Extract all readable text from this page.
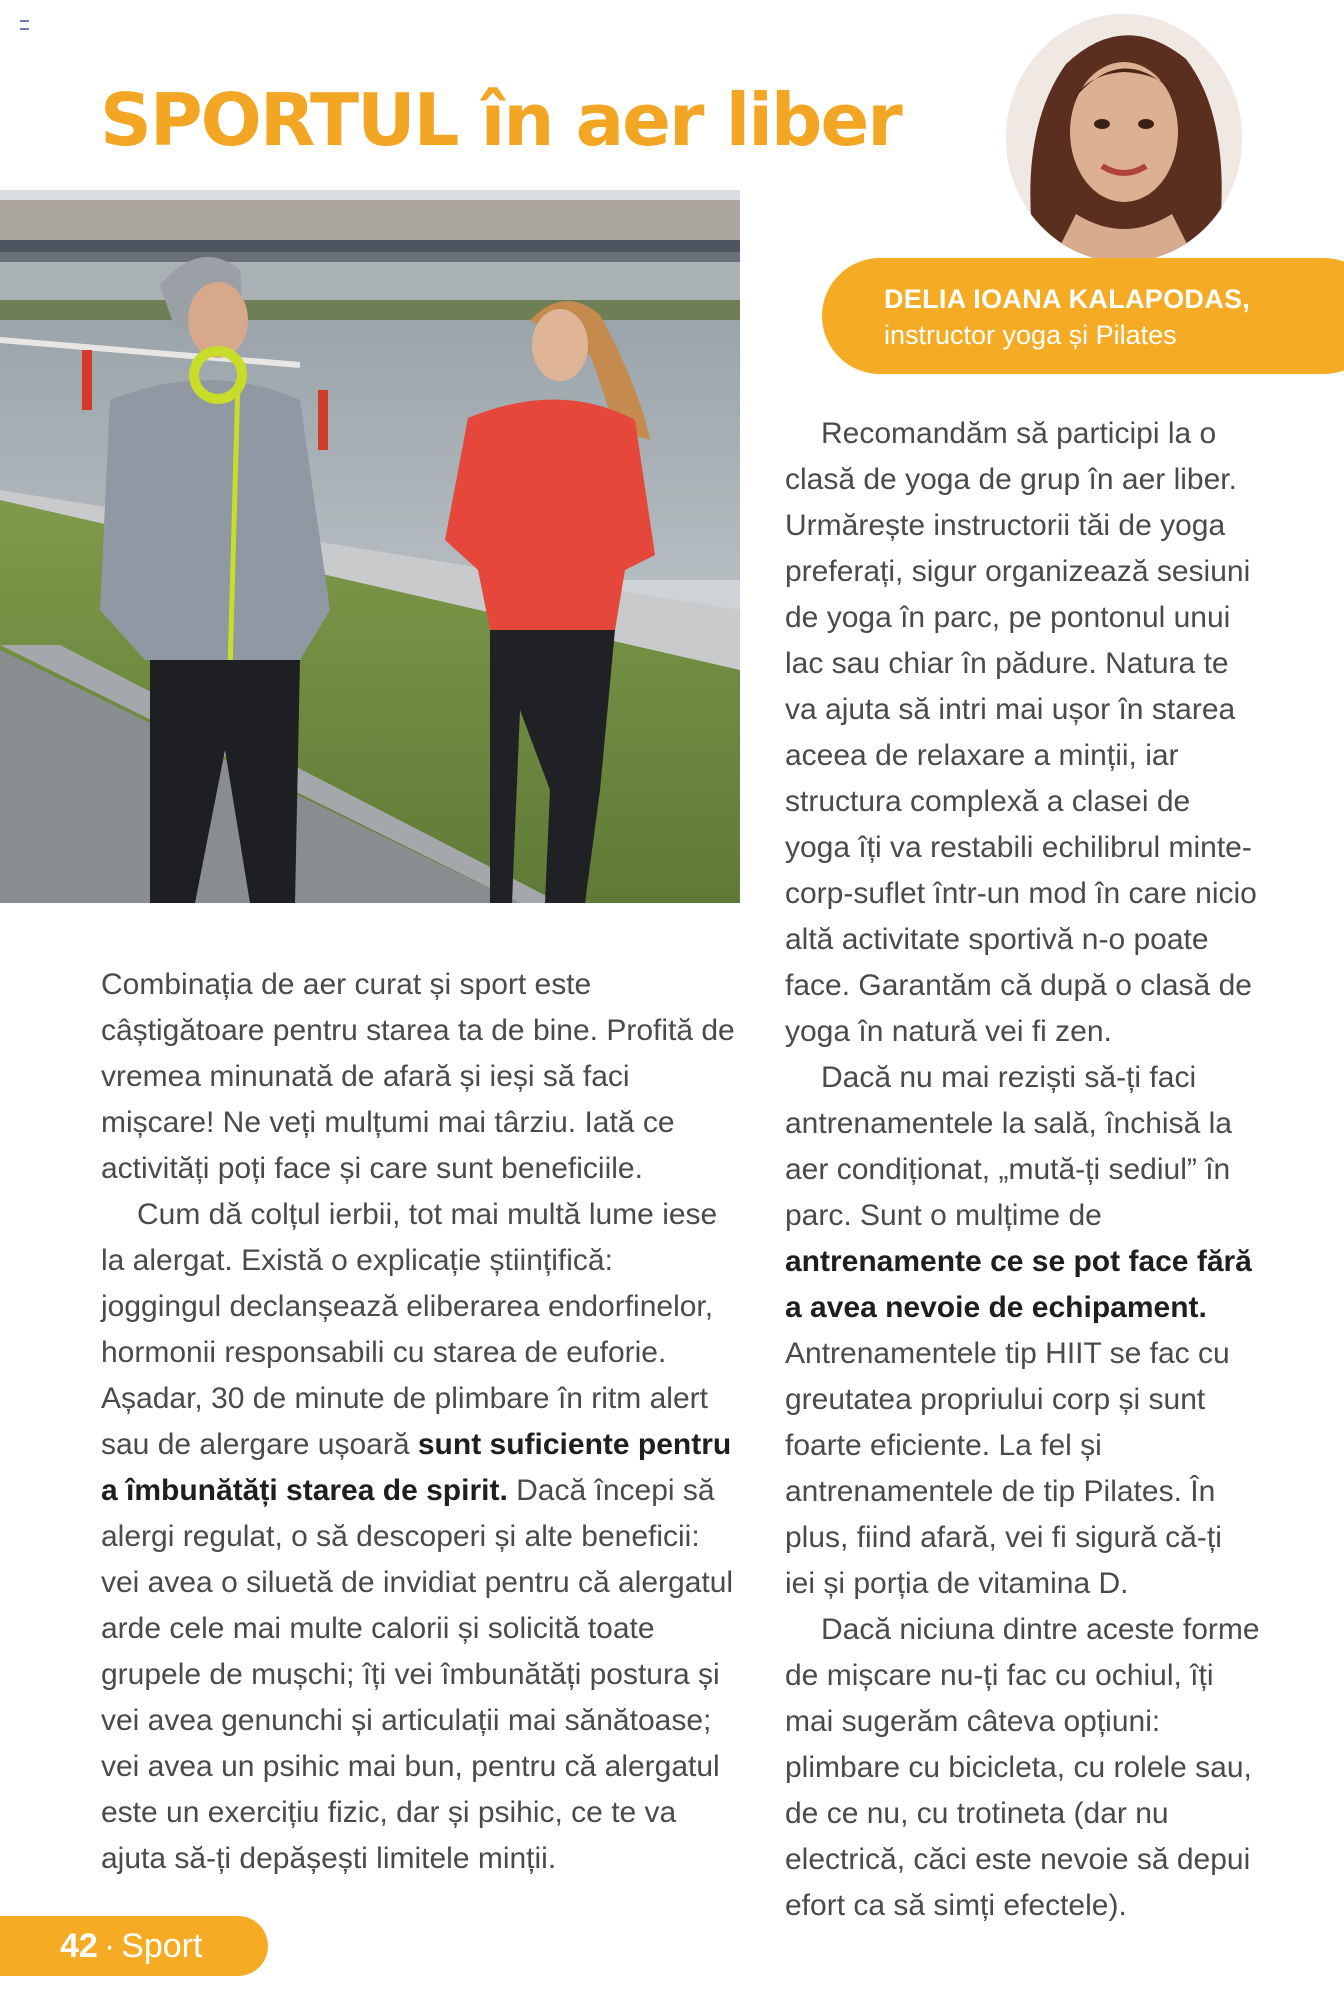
SPORTUL în aer liber
DELIA IOANA KALAPODAS,
instructor yoga și Pilates

Combinația de aer curat și sport este câștigătoare pentru starea ta de bine. Profită de vremea minunată de afară și ieși să faci mișcare! Ne veți mulțumi mai târziu. Iată ce activități poți face și care sunt beneficiile.

Cum dă colțul ierbii, tot mai multă lume iese la alergat. Există o explicație științifică: joggingul declanșează eliberarea endorfinelor, hormonii responsabili cu starea de euforie. Așadar, 30 de minute de plimbare în ritm alert sau de alergare ușoară sunt suficiente pentru a îmbunătăți starea de spirit. Dacă începi să alergi regulat, o să descoperi și alte beneficii: vei avea o siluetă de invidiat pentru că alergatul arde cele mai multe calorii și solicită toate grupele de mușchi; îți vei îmbunătăți postura și vei avea genunchi și articulații mai sănătoase; vei avea un psihic mai bun, pentru că alergatul este un exercițiu fizic, dar și psihic, ce te va ajuta să-ți depășești limitele minții.

Recomandăm să participi la o clasă de yoga de grup în aer liber. Urmărește instructorii tăi de yoga preferați, sigur organizează sesiuni de yoga în parc, pe pontonul unui lac sau chiar în pădure. Natura te va ajuta să intri mai ușor în starea aceea de relaxare a minții, iar structura complexă a clasei de yoga îți va restabili echilibrul minte-corp-suflet într-un mod în care nicio altă activitate sportivă n-o poate face. Garantăm că după o clasă de yoga în natură vei fi zen.

Dacă nu mai reziști să-ți faci antrenamentele la sală, închisă la aer condiționat, „mută-ți sediul” în parc. Sunt o mulțime de antrenamente ce se pot face fără a avea nevoie de echipament. Antrenamentele tip HIIT se fac cu greutatea propriului corp și sunt foarte eficiente. La fel și antrenamentele de tip Pilates. În plus, fiind afară, vei fi sigură că-ți iei și porția de vitamina D.

Dacă niciuna dintre aceste forme de mișcare nu-ți fac cu ochiul, îți mai sugerăm câteva opțiuni: plimbare cu bicicleta, cu rolele sau, de ce nu, cu trotineta (dar nu electrică, căci este nevoie să depui efort ca să simți efectele).

42 · Sport
